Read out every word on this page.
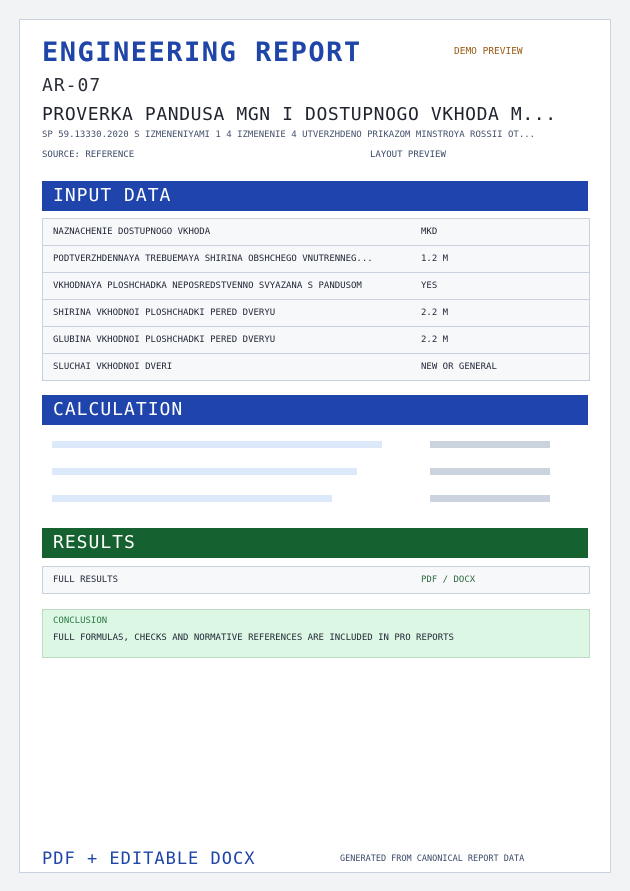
ENGINEERING REPORT	DEMO PREVIEW
AR-07
PROVERKA PANDUSA MGN I DOSTUPNOGO VKHODA M...
SP 59.13330.2020 S IZMENENIYAMI 1 4 IZMENENIE 4 UTVERZHDENO PRIKAZOM MINSTROYA ROSSII OT...
SOURCE: REFERENCE	LAYOUT PREVIEW
INPUT DATA
NAZNACHENIE DOSTUPNOGO VKHODA	MKD
PODTVERZHDENNAYA TREBUEMAYA SHIRINA OBSHCHEGO VNUTRENNEG...	1.2 M
VKHODNAYA PLOSHCHADKA NEPOSREDSTVENNO SVYAZANA S PANDUSOM	YES
SHIRINA VKHODNOI PLOSHCHADKI PERED DVERYU	2.2 M
GLUBINA VKHODNOI PLOSHCHADKI PERED DVERYU	2.2 M
SLUCHAI VKHODNOI DVERI	NEW OR GENERAL
CALCULATION
RESULTS
FULL RESULTS	PDF / DOCX
CONCLUSION
FULL FORMULAS, CHECKS AND NORMATIVE REFERENCES ARE INCLUDED IN PRO REPORTS
PDF + EDITABLE DOCX	GENERATED FROM CANONICAL REPORT DATA
